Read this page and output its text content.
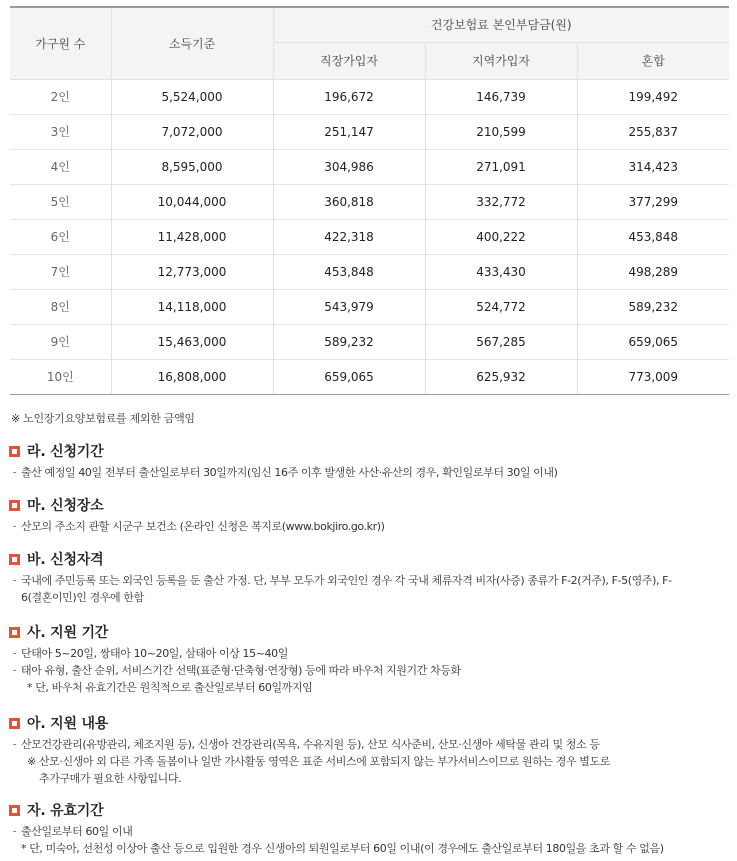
가구원 수	소득기준	건강보험료 본인부담금(원)		
		직장가입자	지역가입자	혼합
2인	5,524,000	196,672	146,739	199,492
3인	7,072,000	251,147	210,599	255,837
4인	8,595,000	304,986	271,091	314,423
5인	10,044,000	360,818	332,772	377,299
6인	11,428,000	422,318	400,222	453,848
7인	12,773,000	453,848	433,430	498,289
8인	14,118,000	543,979	524,772	589,232
9인	15,463,000	589,232	567,285	659,065
10인	16,808,000	659,065	625,932	773,009
※ 노인장기요양보험료를 제외한 금액임
라. 신청기간
출산 예정일 40일 전부터 출산일로부터 30일까지(임신 16주 이후 발생한 사산·유산의 경우, 확인일로부터 30일 이내)
마. 신청장소
산모의 주소지 관할 시군구 보건소 (온라인 신청은 복지로(www.bokjiro.go.kr))
바. 신청자격
국내에 주민등록 또는 외국인 등록을 둔 출산 가정. 단, 부부 모두가 외국인인 경우 각 국내 체류자격 비자(사증) 종류가 F-2(거주), F-5(영주), F-
6(결혼이민)인 경우에 한함
사. 지원 기간
단태아 5~20일, 쌍태아 10~20일, 삼태아 이상 15~40일
태아 유형, 출산 순위, 서비스기간 선택(표준형·단축형·연장형) 등에 따라 바우처 지원기간 차등화
* 단, 바우처 유효기간은 원칙적으로 출산일로부터 60일까지임
아. 지원 내용
산모건강관리(유방관리, 체조지원 등), 신생아 건강관리(목욕, 수유지원 등), 산모 식사준비, 산모·신생아 세탁물 관리 및 청소 등
※ 산모·신생아 외 다른 가족 돌봄이나 일반 가사활동 영역은 표준 서비스에 포함되지 않는 부가서비스이므로 원하는 경우 별도로
추가구매가 필요한 사항입니다.
자. 유효기간
출산일로부터 60일 이내
* 단, 미숙아, 선천성 이상아 출산 등으로 입원한 경우 신생아의 퇴원일로부터 60일 이내(이 경우에도 출산일로부터 180일을 초과 할 수 없음)
